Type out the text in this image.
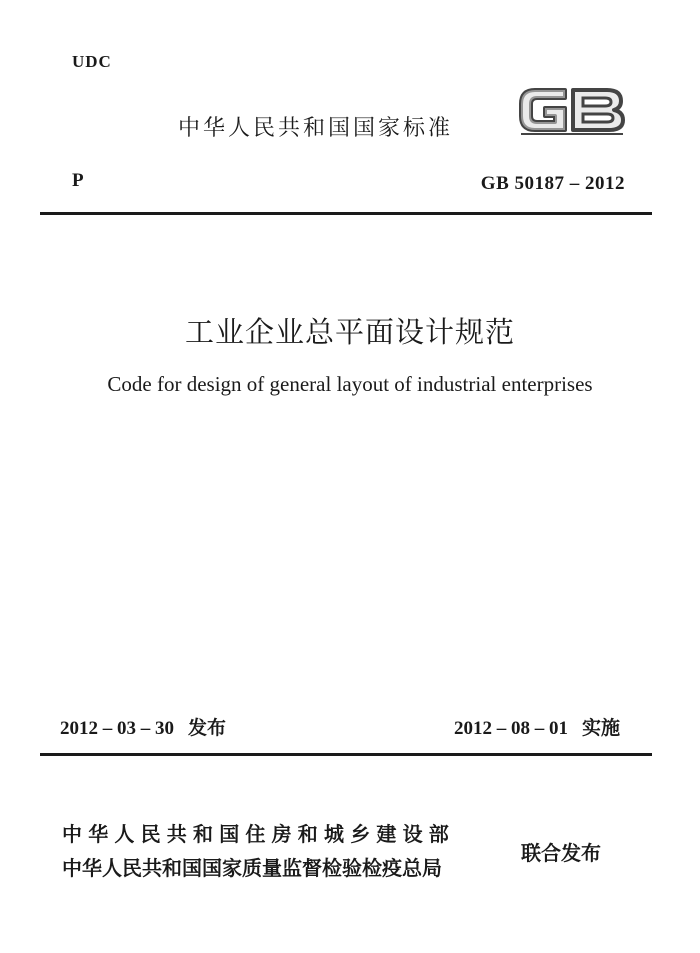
UDC
中华人民共和国国家标准
P	GB 50187 – 2012
工业企业总平面设计规范
Code for design of general layout of industrial enterprises
2012 – 03 – 30 发布	2012 – 08 – 01 实施
中华人民共和国住房和城乡建设部
中华人民共和国国家质量监督检验检疫总局
联合发布
